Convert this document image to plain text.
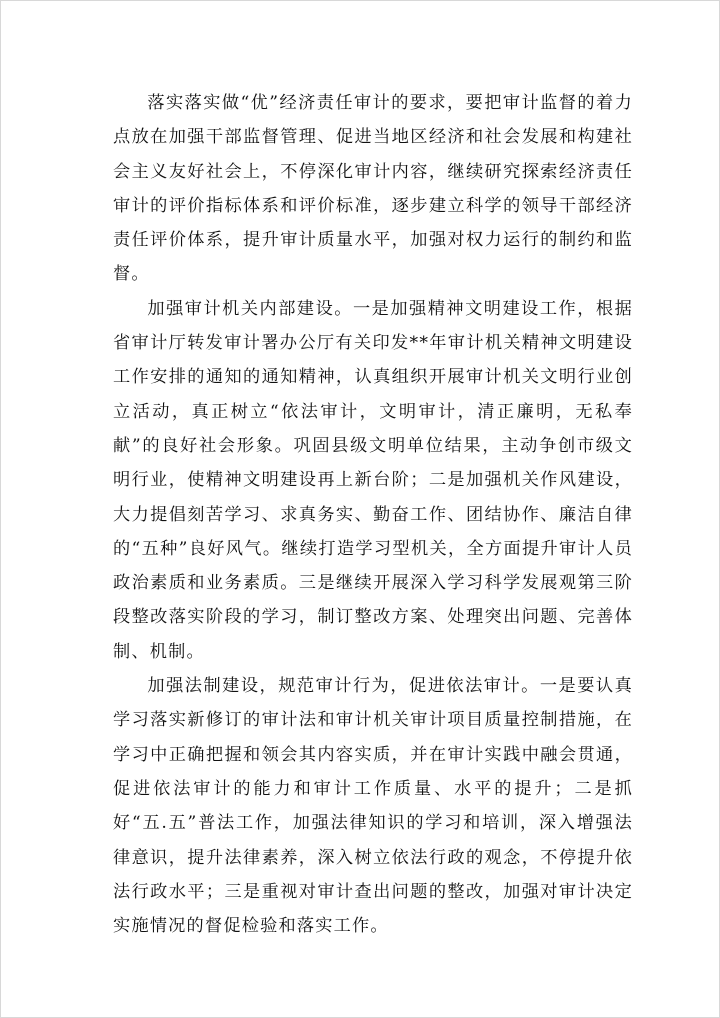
落实落实做“优”经济责任审计的要求，要把审计监督的着力点放在加强干部监督管理、促进当地区经济和社会发展和构建社会主义友好社会上，不停深化审计内容，继续研究探索经济责任审计的评价指标体系和评价标准，逐步建立科学的领导干部经济责任评价体系，提升审计质量水平，加强对权力运行的制约和监督。

加强审计机关内部建设。一是加强精神文明建设工作，根据省审计厅转发审计署办公厅有关印发**年审计机关精神文明建设工作安排的通知的通知精神，认真组织开展审计机关文明行业创立活动，真正树立“依法审计，文明审计，清正廉明，无私奉献”的良好社会形象。巩固县级文明单位结果，主动争创市级文明行业，使精神文明建设再上新台阶；二是加强机关作风建设，大力提倡刻苦学习、求真务实、勤奋工作、团结协作、廉洁自律的“五种”良好风气。继续打造学习型机关，全方面提升审计人员政治素质和业务素质。三是继续开展深入学习科学发展观第三阶段整改落实阶段的学习，制订整改方案、处理突出问题、完善体制、机制。

加强法制建设，规范审计行为，促进依法审计。一是要认真学习落实新修订的审计法和审计机关审计项目质量控制措施，在学习中正确把握和领会其内容实质，并在审计实践中融会贯通，促进依法审计的能力和审计工作质量、水平的提升；二是抓好“五.五”普法工作，加强法律知识的学习和培训，深入增强法律意识，提升法律素养，深入树立依法行政的观念，不停提升依法行政水平；三是重视对审计查出问题的整改，加强对审计决定实施情况的督促检验和落实工作。
